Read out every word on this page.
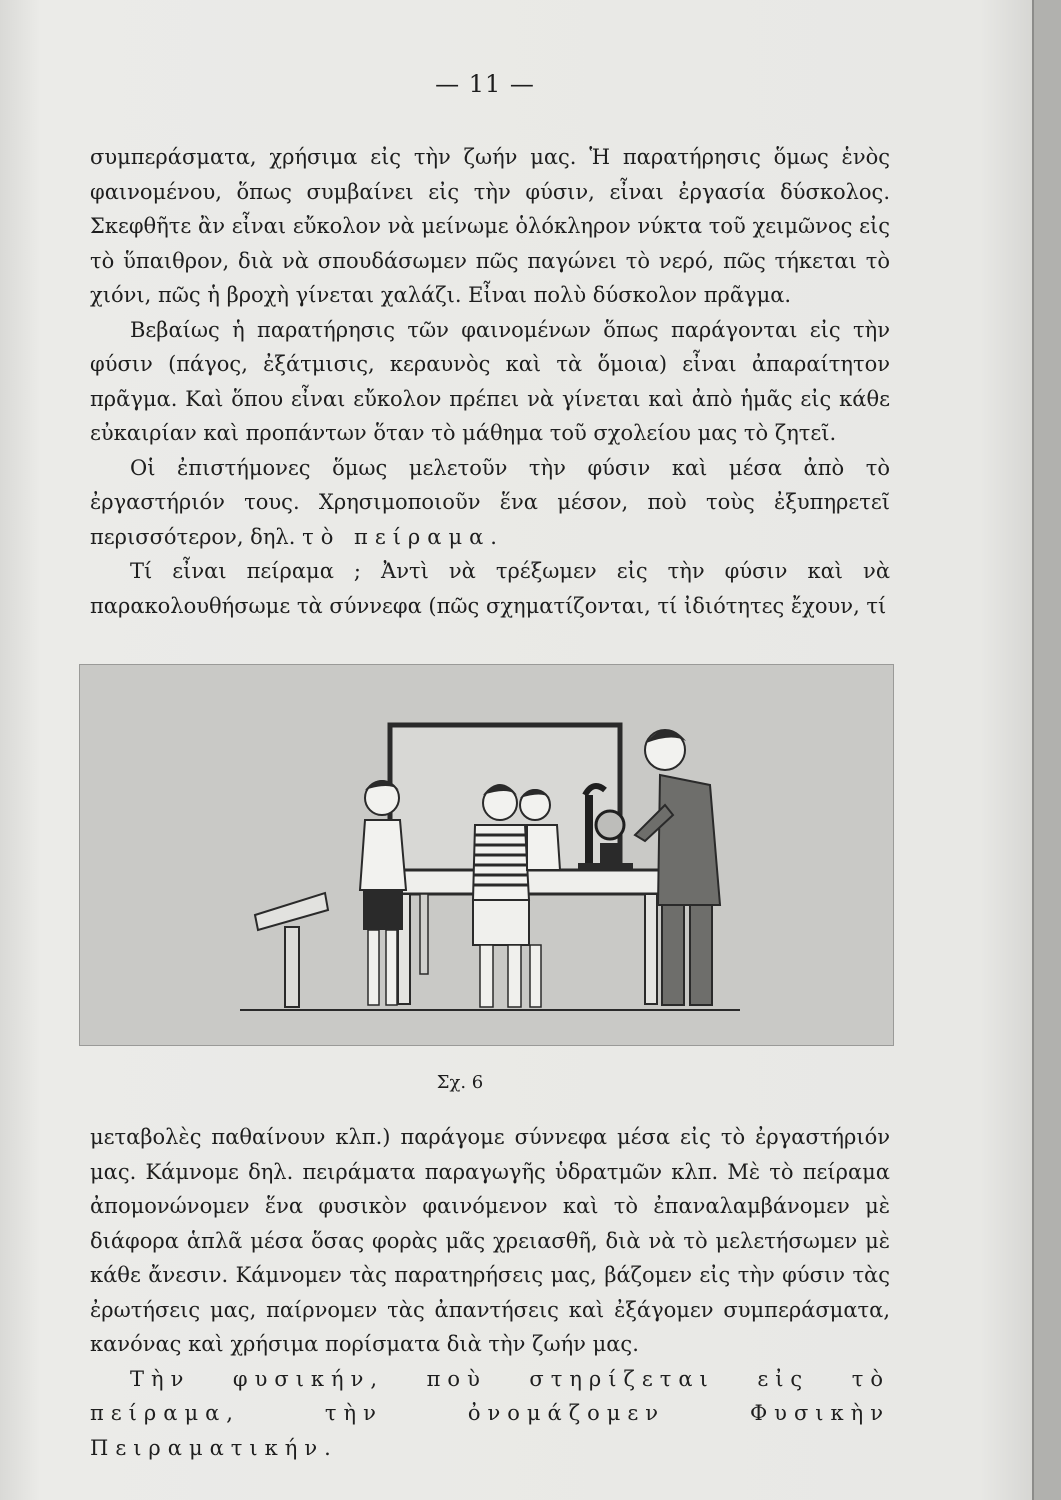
— 11 —

συμπεράσματα, χρήσιμα εἰς τὴν ζωήν μας. Ἡ παρατήρησις ὅμως ἑνὸς φαινομένου, ὅπως συμβαίνει εἰς τὴν φύσιν, εἶναι ἐργασία δύσκολος. Σκεφθῆτε ἂν εἶναι εὔκολον νὰ μείνωμε ὁλόκληρον νύκτα τοῦ χειμῶνος εἰς τὸ ὕπαιθρον, διὰ νὰ σπουδάσωμεν πῶς παγώνει τὸ νερό, πῶς τήκεται τὸ χιόνι, πῶς ἡ βροχὴ γίνεται χαλάζι. Εἶναι πολὺ δύσκολον πρᾶγμα.

Βεβαίως ἡ παρατήρησις τῶν φαινομένων ὅπως παράγονται εἰς τὴν φύσιν (πάγος, ἐξάτμισις, κεραυνὸς καὶ τὰ ὅμοια) εἶναι ἀπαραίτητον πρᾶγμα. Καὶ ὅπου εἶναι εὔκολον πρέπει νὰ γίνεται καὶ ἀπὸ ἡμᾶς εἰς κάθε εὐκαιρίαν καὶ προπάντων ὅταν τὸ μάθημα τοῦ σχολείου μας τὸ ζητεῖ.

Οἱ ἐπιστήμονες ὅμως μελετοῦν τὴν φύσιν καὶ μέσα ἀπὸ τὸ ἐργαστήριόν τους. Χρησιμοποιοῦν ἕνα μέσον, ποὺ τοὺς ἐξυπηρετεῖ περισσότερον, δηλ. τὸ πείραμα.

Τί εἶναι πείραμα ; Ἀντὶ νὰ τρέξωμεν εἰς τὴν φύσιν καὶ νὰ παρακολουθήσωμε τὰ σύννεφα (πῶς σχηματίζονται, τί ἰδιότητες ἔχουν, τί

Σχ. 6

μεταβολὲς παθαίνουν κλπ.) παράγομε σύννεφα μέσα εἰς τὸ ἐργαστήριόν μας. Κάμνομε δηλ. πειράματα παραγωγῆς ὑδρατμῶν κλπ. Μὲ τὸ πείραμα ἀπομονώνομεν ἕνα φυσικὸν φαινόμενον καὶ τὸ ἐπαναλαμβάνομεν μὲ διάφορα ἁπλᾶ μέσα ὅσας φορὰς μᾶς χρειασθῆ, διὰ νὰ τὸ μελετήσωμεν μὲ κάθε ἄνεσιν. Κάμνομεν τὰς παρατηρήσεις μας, βάζομεν εἰς τὴν φύσιν τὰς ἐρωτήσεις μας, παίρνομεν τὰς ἀπαντήσεις καὶ ἐξάγομεν συμπεράσματα, κανόνας καὶ χρήσιμα πορίσματα διὰ τὴν ζωήν μας.

Τὴν φυσικήν, ποὺ στηρίζεται εἰς τὸ πείραμα, τὴν ὀνομάζομεν Φυσικὴν Πειραματικήν.
